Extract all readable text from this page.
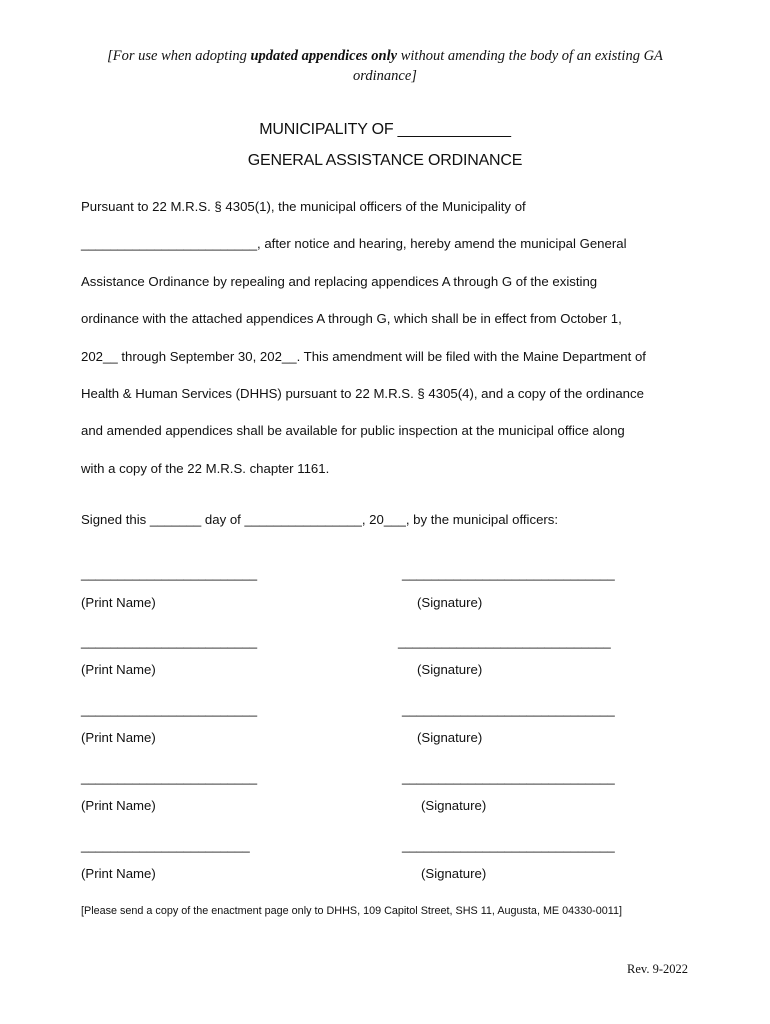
[For use when adopting updated appendices only without amending the body of an existing GA ordinance]
MUNICIPALITY OF _____________
GENERAL ASSISTANCE ORDINANCE
Pursuant to 22 M.R.S. § 4305(1), the municipal officers of the Municipality of
________________________, after notice and hearing, hereby amend the municipal General
Assistance Ordinance by repealing and replacing appendices A through G of the existing
ordinance with the attached appendices A through G, which shall be in effect from October 1,
202__ through September 30, 202__. This amendment will be filed with the Maine Department of
Health & Human Services (DHHS) pursuant to 22 M.R.S. § 4305(4), and a copy of the ordinance
and amended appendices shall be available for public inspection at the municipal office along
with a copy of the 22 M.R.S. chapter 1161.
Signed this _______ day of ________________, 20___, by the municipal officers:
________________________	_____________________________
(Print Name)	(Signature)
________________________	_____________________________
(Print Name)	(Signature)
________________________	_____________________________
(Print Name)	(Signature)
________________________	_____________________________
(Print Name)	(Signature)
_______________________	_____________________________
(Print Name)	(Signature)
[Please send a copy of the enactment page only to DHHS, 109 Capitol Street, SHS 11, Augusta, ME 04330-0011]
Rev. 9-2022
